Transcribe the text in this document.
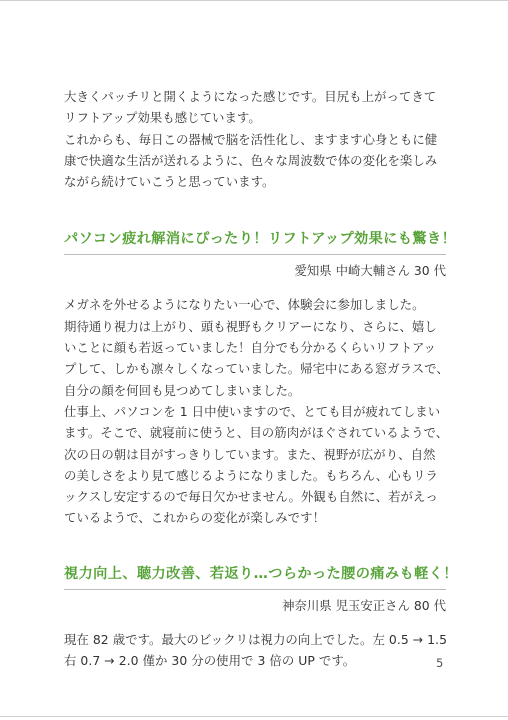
大きくパッチリと開くようになった感じです。目尻も上がってきて
リフトアップ効果も感じています。
これからも、毎日この器械で脳を活性化し、ますます心身ともに健
康で快適な生活が送れるように、色々な周波数で体の変化を楽しみ
ながら続けていこうと思っています。

パソコン疲れ解消にぴったり！リフトアップ効果にも驚き！
愛知県 中崎大輔さん 30 代

メガネを外せるようになりたい一心で、体験会に参加しました。
期待通り視力は上がり、頭も視野もクリアーになり、さらに、嬉し
いことに顔も若返っていました！自分でも分かるくらいリフトアッ
プして、しかも凛々しくなっていました。帰宅中にある窓ガラスで、
自分の顔を何回も見つめてしまいました。
仕事上、パソコンを 1 日中使いますので、とても目が疲れてしまい
ます。そこで、就寝前に使うと、目の筋肉がほぐされているようで、
次の日の朝は目がすっきりしています。また、視野が広がり、自然
の美しさをより見て感じるようになりました。もちろん、心もリラ
ックスし安定するので毎日欠かせません。外観も自然に、若がえっ
ているようで、これからの変化が楽しみです！

視力向上、聴力改善、若返り…つらかった腰の痛みも軽く！
神奈川県 児玉安正さん 80 代

現在 82 歳です。最大のビックリは視力の向上でした。左 0.5 → 1.5
右 0.7 → 2.0 僅か 30 分の使用で 3 倍の UP です。	5
